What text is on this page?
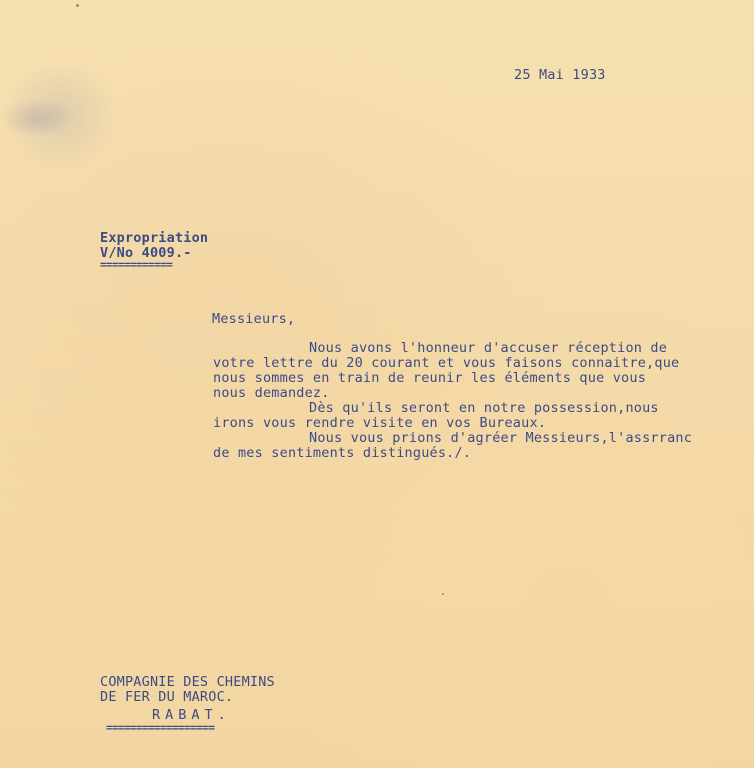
25 Mai 1933
Expropriation
V/No 4009.-
============
Messieurs,
Nous avons l'honneur d'accuser réception de
votre lettre du 20 courant et vous faisons connaitre,que
nous sommes en train de reunir les éléments que vous
nous demandez.
Dès qu'ils seront en notre possession,nous
irons vous rendre visite en vos Bureaux.
Nous vous prions d'agréer Messieurs,l'assrranc
de mes sentiments distingués./.
COMPAGNIE DES CHEMINS
DE FER DU MAROC.
RABAT.
==================
